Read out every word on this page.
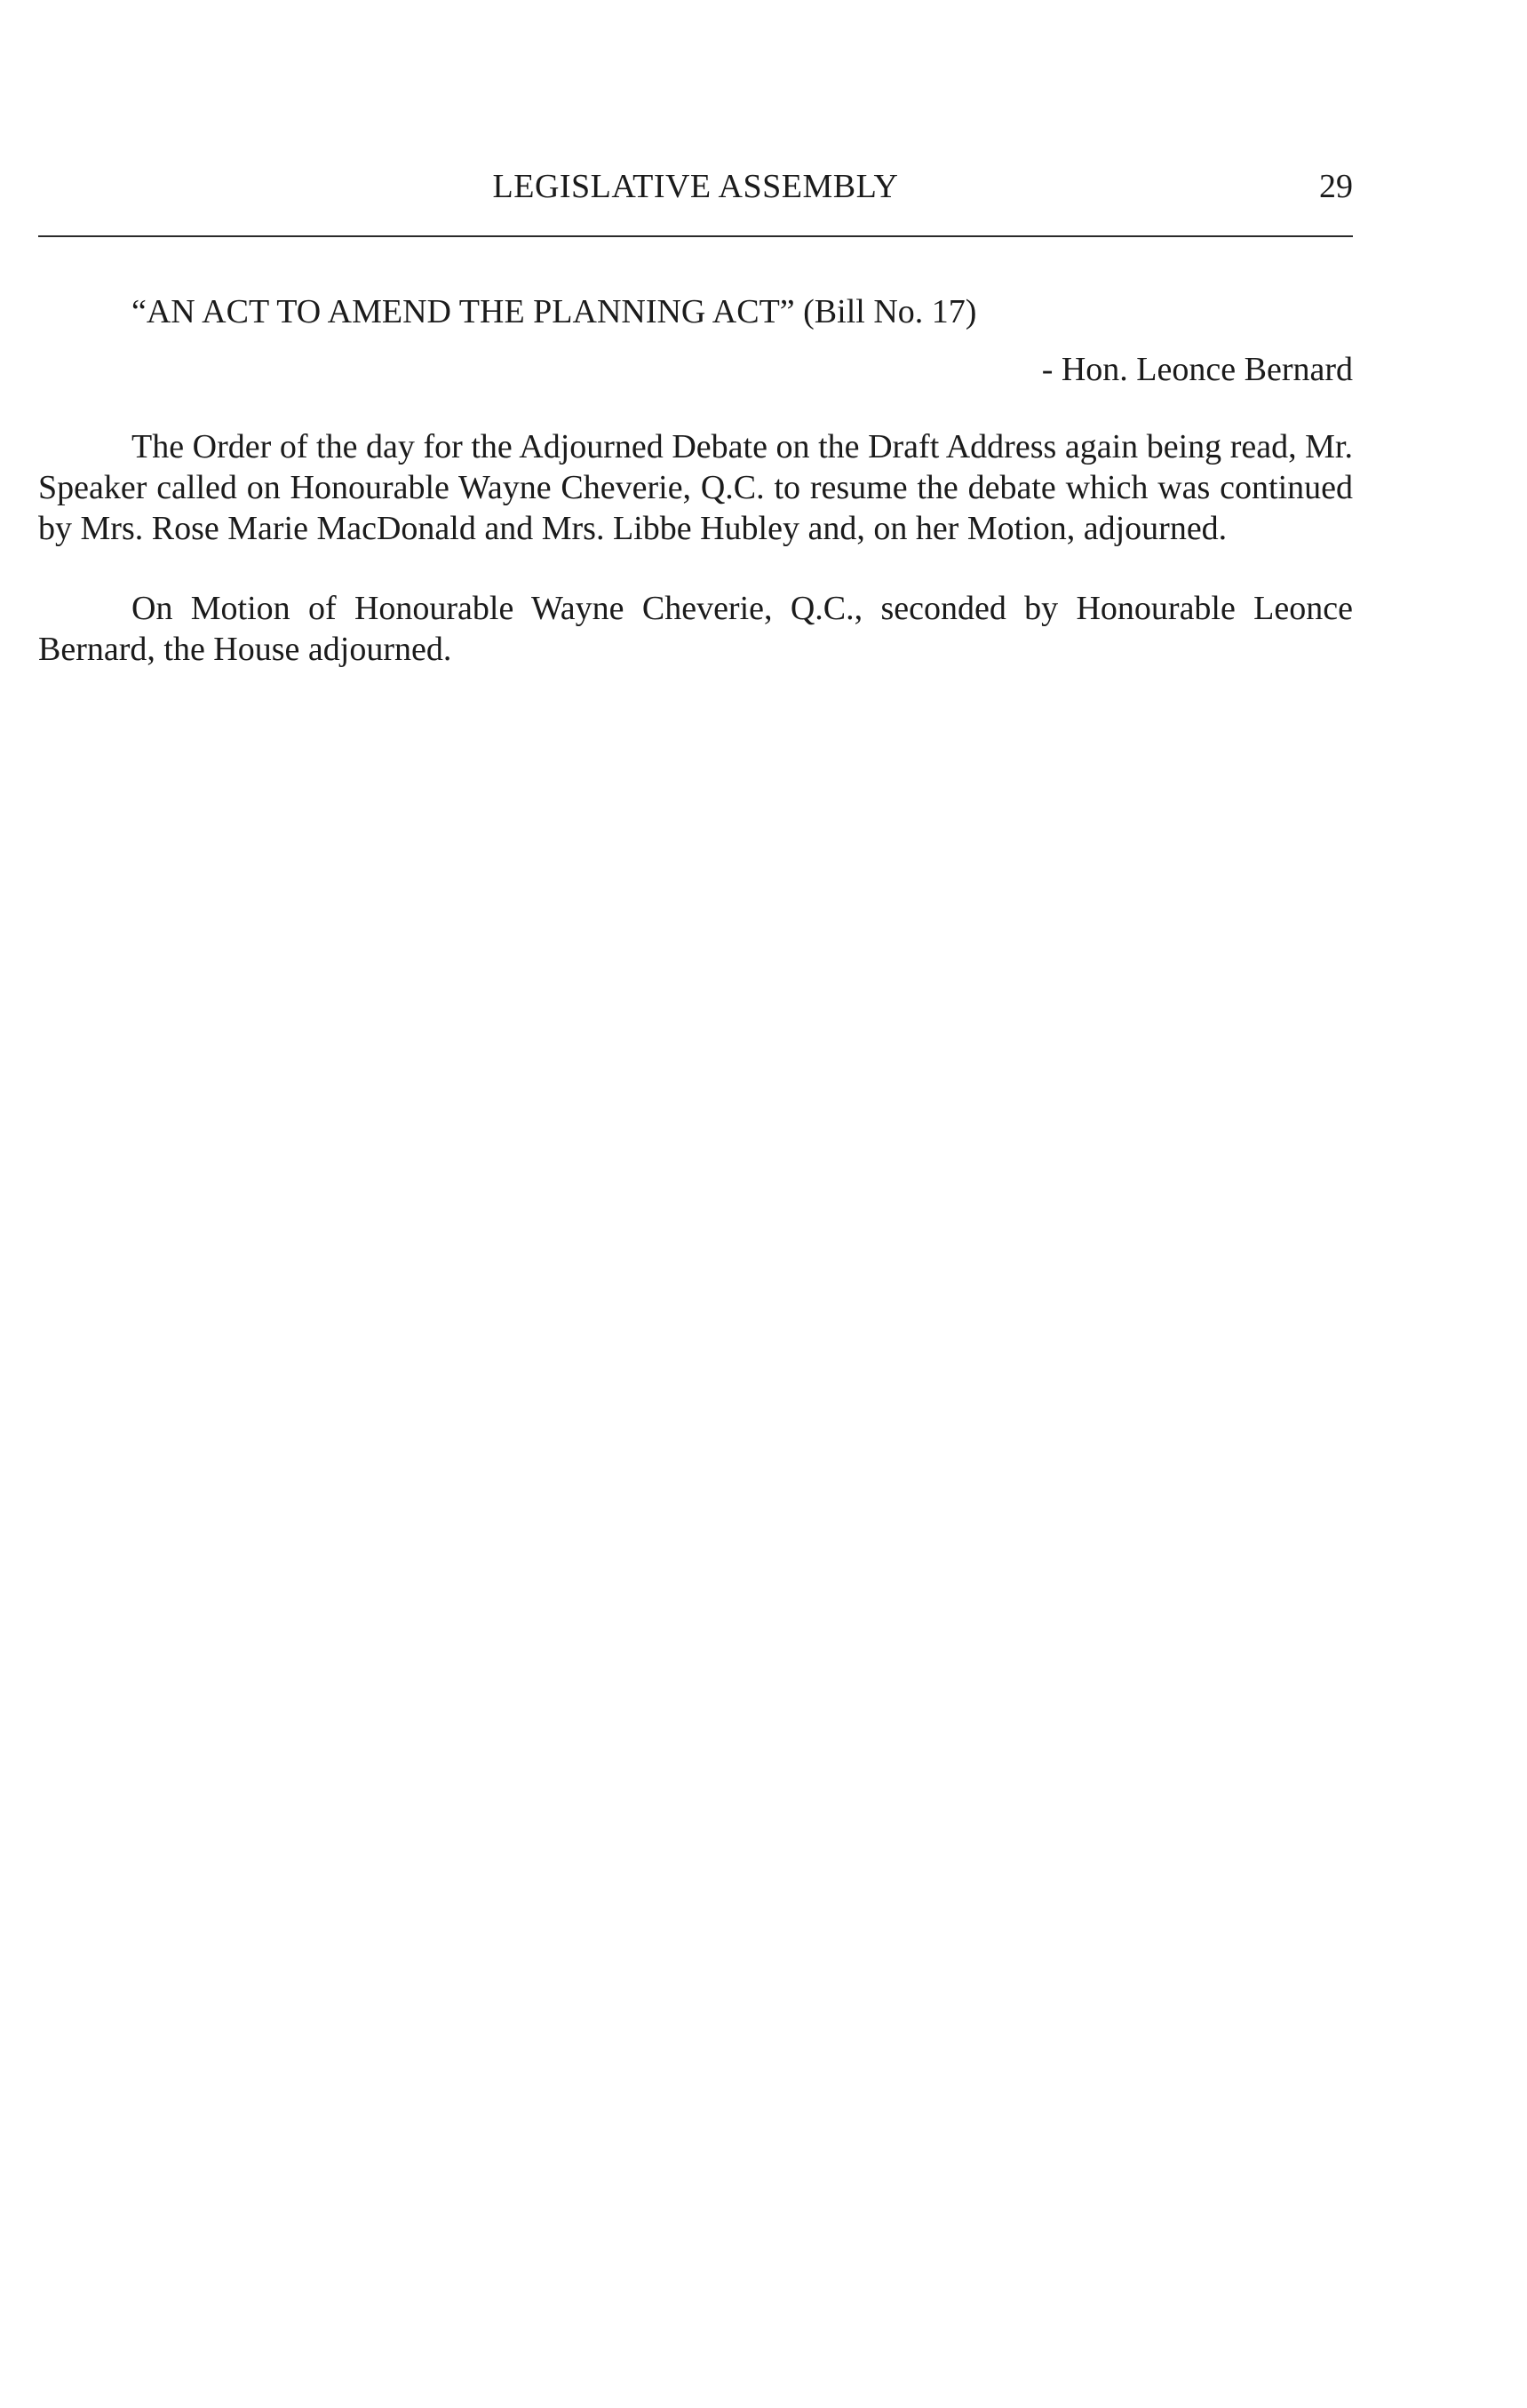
LEGISLATIVE ASSEMBLY	29

“AN ACT TO AMEND THE PLANNING ACT” (Bill No. 17)

- Hon. Leonce Bernard

The Order of the day for the Adjourned Debate on the Draft Address again being read, Mr. Speaker called on Honourable Wayne Cheverie, Q.C. to resume the debate which was continued by Mrs. Rose Marie MacDonald and Mrs. Libbe Hubley and, on her Motion, adjourned.

On Motion of Honourable Wayne Cheverie, Q.C., seconded by Honourable Leonce Bernard, the House adjourned.
